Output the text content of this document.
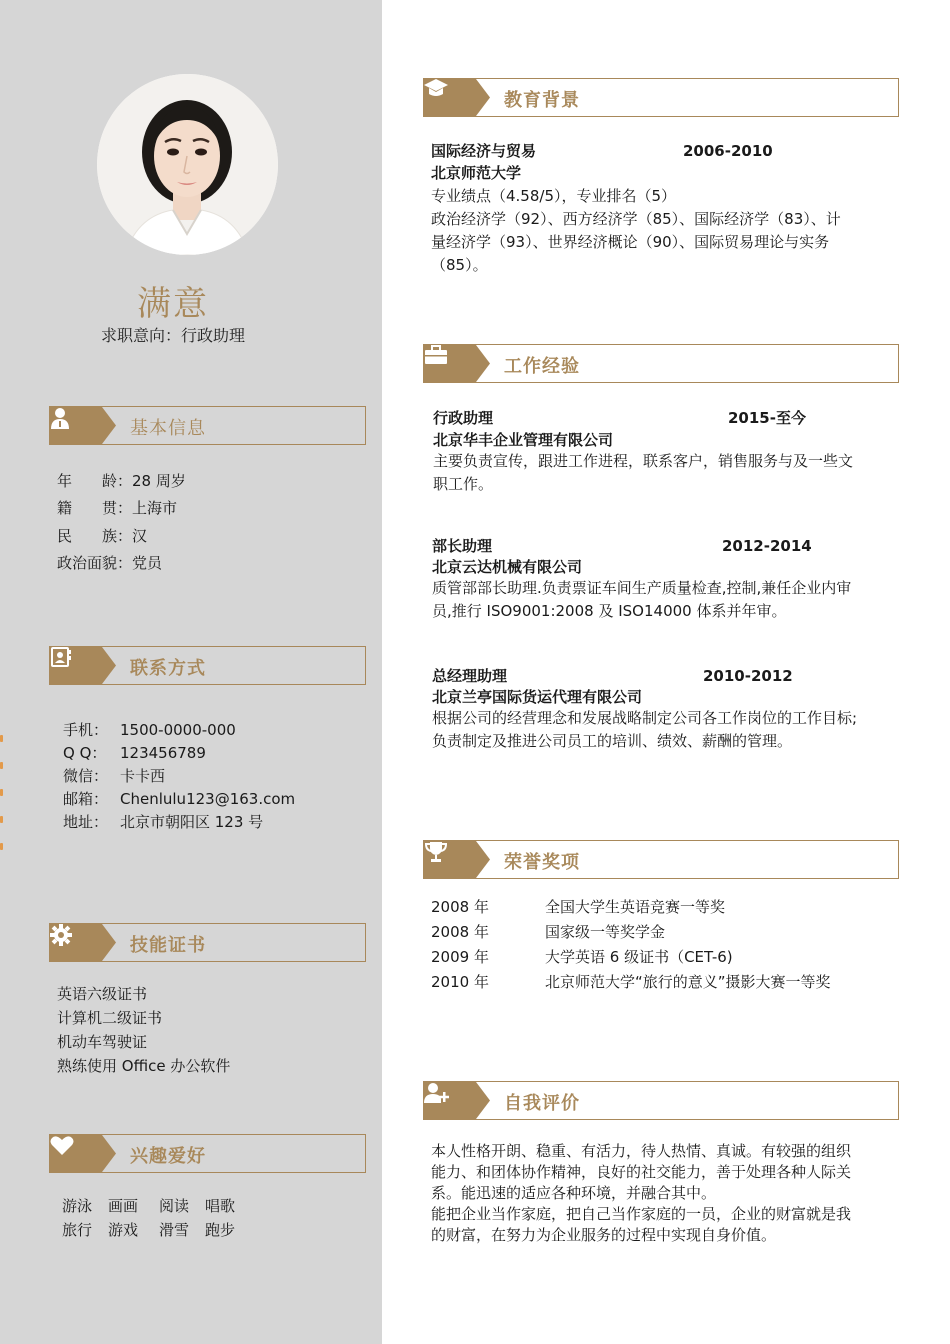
满意
求职意向：行政助理
基本信息
年　　龄：28 周岁
籍　　贯：上海市
民　　族：汉
政治面貌：党员
联系方式
手机： 1500-0000-000
Q Q： 123456789
微信： 卡卡西
邮箱： Chenlulu123@163.com
地址： 北京市朝阳区 123 号
技能证书
英语六级证书
计算机二级证书
机动车驾驶证
熟练使用 Office 办公软件
兴趣爱好
游泳 画画 阅读 唱歌
旅行 游戏 滑雪 跑步
教育背景
国际经济与贸易	2006-2010
北京师范大学
专业绩点（4.58/5），专业排名（5）
政治经济学（92）、西方经济学（85）、国际经济学（83）、计
量经济学（93）、世界经济概论（90）、国际贸易理论与实务
（85）。
工作经验
行政助理	2015-至今
北京华丰企业管理有限公司
主要负责宣传，跟进工作进程，联系客户，销售服务与及一些文
职工作。
部长助理	2012-2014
北京云达机械有限公司
质管部部长助理.负责票证车间生产质量检查,控制,兼任企业内审
员,推行 ISO9001:2008 及 ISO14000 体系并年审。
总经理助理	2010-2012
北京兰亭国际货运代理有限公司
根据公司的经营理念和发展战略制定公司各工作岗位的工作目标;
负责制定及推进公司员工的培训、绩效、薪酬的管理。
荣誉奖项
2008 年	全国大学生英语竞赛一等奖
2008 年	国家级一等奖学金
2009 年	大学英语 6 级证书（CET-6)
2010 年	北京师范大学“旅行的意义”摄影大赛一等奖
自我评价
本人性格开朗、稳重、有活力，待人热情、真诚。有较强的组织
能力、和团体协作精神，良好的社交能力，善于处理各种人际关
系。能迅速的适应各种环境，并融合其中。
能把企业当作家庭，把自己当作家庭的一员，企业的财富就是我
的财富，在努力为企业服务的过程中实现自身价值。
